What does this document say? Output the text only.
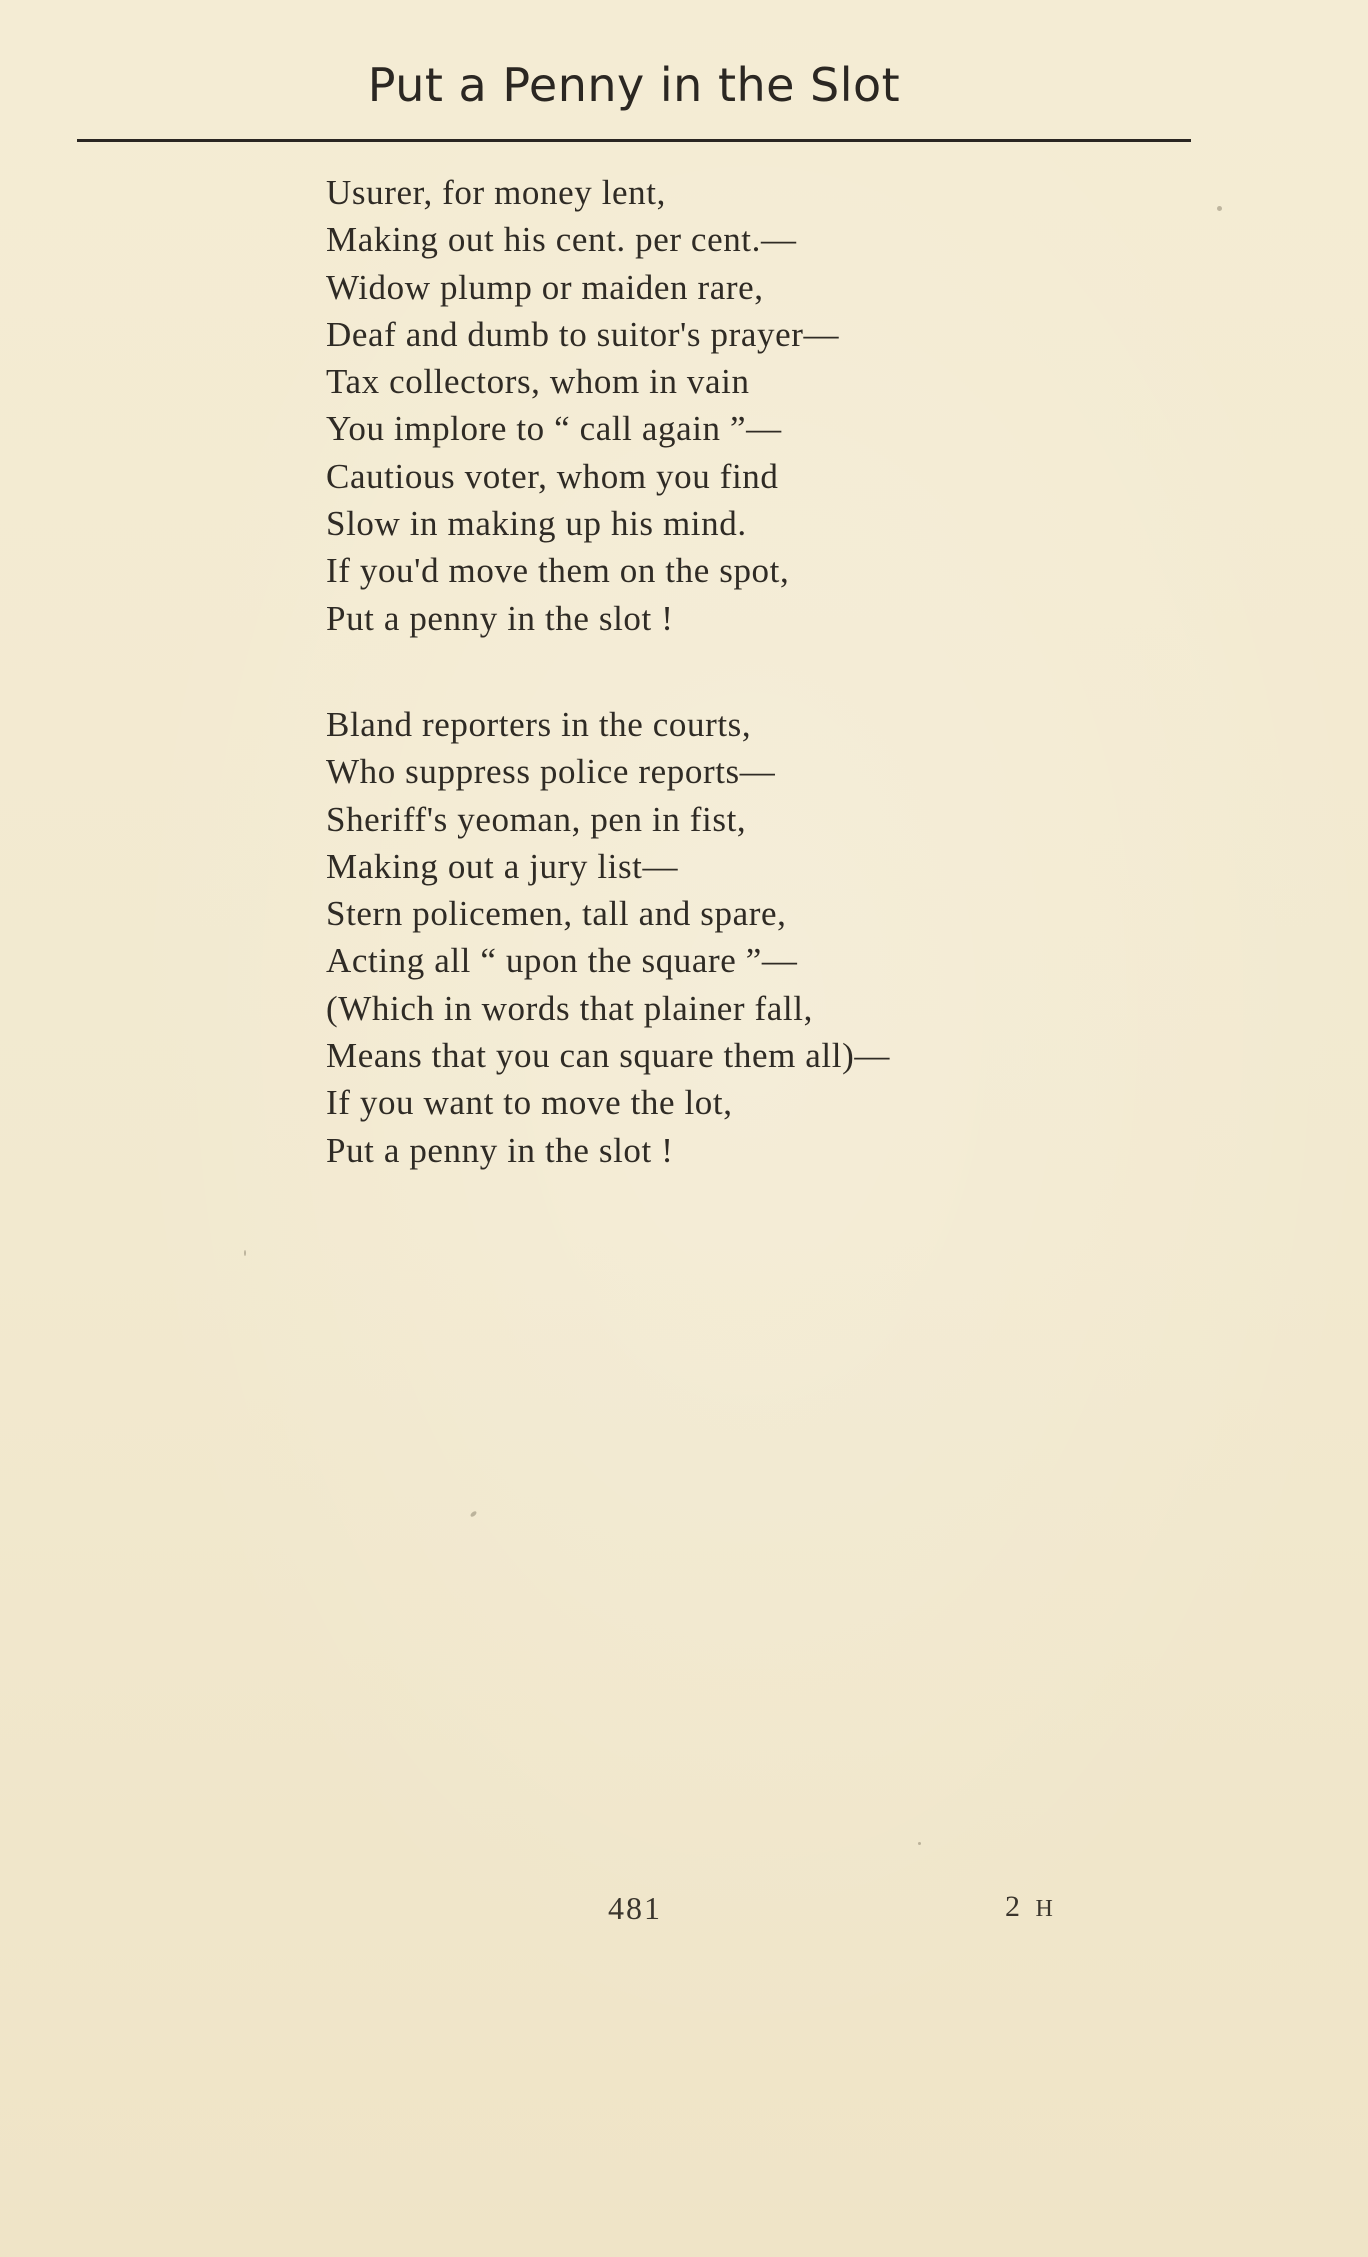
Put a Penny in the Slot
Usurer, for money lent,
Making out his cent. per cent.—
Widow plump or maiden rare,
Deaf and dumb to suitor's prayer—
Tax collectors, whom in vain
You implore to “ call again ”—
Cautious voter, whom you find
Slow in making up his mind.
If you'd move them on the spot,
Put a penny in the slot !
Bland reporters in the courts,
Who suppress police reports—
Sheriff's yeoman, pen in fist,
Making out a jury list—
Stern policemen, tall and spare,
Acting all “ upon the square ”—
(Which in words that plainer fall,
Means that you can square them all)—
If you want to move the lot,
Put a penny in the slot !
481	2 H
